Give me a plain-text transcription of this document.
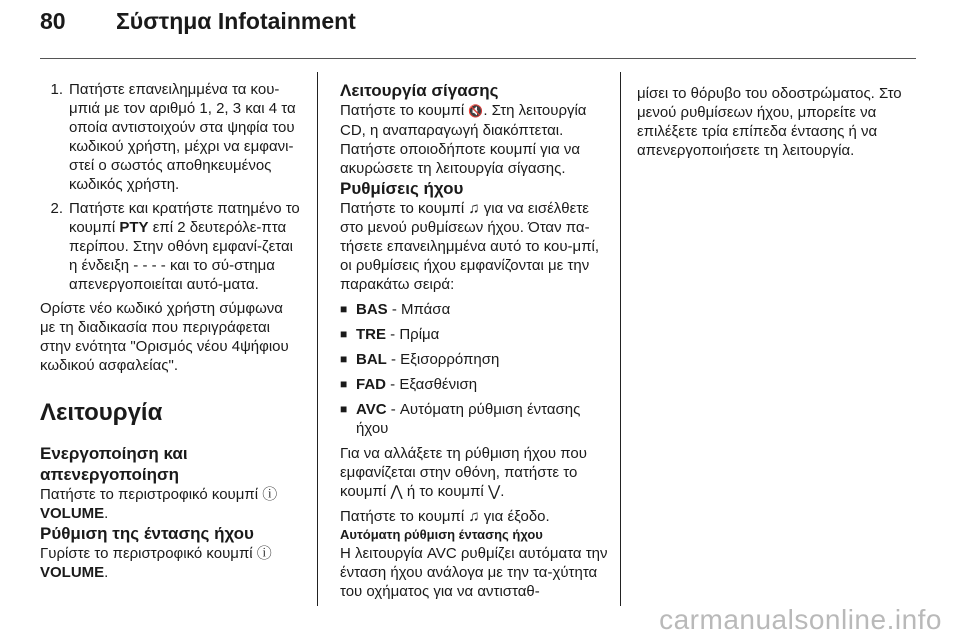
80 Σύστημα Infotainment
1. Πατήστε επανειλημμένα τα κου-μπιά με τον αριθμό 1, 2, 3 και 4 τα οποία αντιστοιχούν στα ψηφία του κωδικού χρήστη, μέχρι να εμφανι-στεί ο σωστός αποθηκευμένος κωδικός χρήστη.
2. Πατήστε και κρατήστε πατημένο το κουμπί PTY επί 2 δευτερόλε-πτα περίπου. Στην οθόνη εμφανί-ζεται η ένδειξη - - - - και το σύ-στημα απενεργοποιείται αυτό-ματα.

Ορίστε νέο κωδικό χρήστη σύμφωνα με τη διαδικασία που περιγράφεται στην ενότητα "Ορισμός νέου 4ψήφιου κωδικού ασφαλείας".

Λειτουργία
Ενεργοποίηση και απενεργοποίηση

Πατήστε το περιστροφικό κουμπί ⓘ
VOLUME.

Ρύθμιση της έντασης ήχου

Γυρίστε το περιστροφικό κουμπί ⓘ
VOLUME.

Λειτουργία σίγασης

Πατήστε το κουμπί 🔇. Στη λειτουργία CD, η αναπαραγωγή διακόπτεται. Πατήστε οποιοδήποτε κουμπί για να ακυρώσετε τη λειτουργία σίγασης.

Ρυθμίσεις ήχου

Πατήστε το κουμπί ♫ για να εισέλθετε στο μενού ρυθμίσεων ήχου. Όταν πα-τήσετε επανειλημμένα αυτό το κου-μπί, οι ρυθμίσεις ήχου εμφανίζονται με την παρακάτω σειρά:

■ BAS - Μπάσα
■ TRE - Πρίμα
■ BAL - Εξισορρόπηση
■ FAD - Εξασθένιση
■ AVC - Αυτόματη ρύθμιση έντασης ήχου

Για να αλλάξετε τη ρύθμιση ήχου που εμφανίζεται στην οθόνη, πατήστε το κουμπί ⋀ ή το κουμπί ⋁.

Πατήστε το κουμπί ♫ για έξοδο.

Αυτόματη ρύθμιση έντασης ήχου

Η λειτουργία AVC ρυθμίζει αυτόματα την ένταση ήχου ανάλογα με την τα-χύτητα του οχήματος για να αντισταθ-

μίσει το θόρυβο του οδοστρώματος. Στο μενού ρυθμίσεων ήχου, μπορείτε να επιλέξετε τρία επίπεδα έντασης ή να απενεργοποιήσετε τη λειτουργία.

carmanualsonline.info
